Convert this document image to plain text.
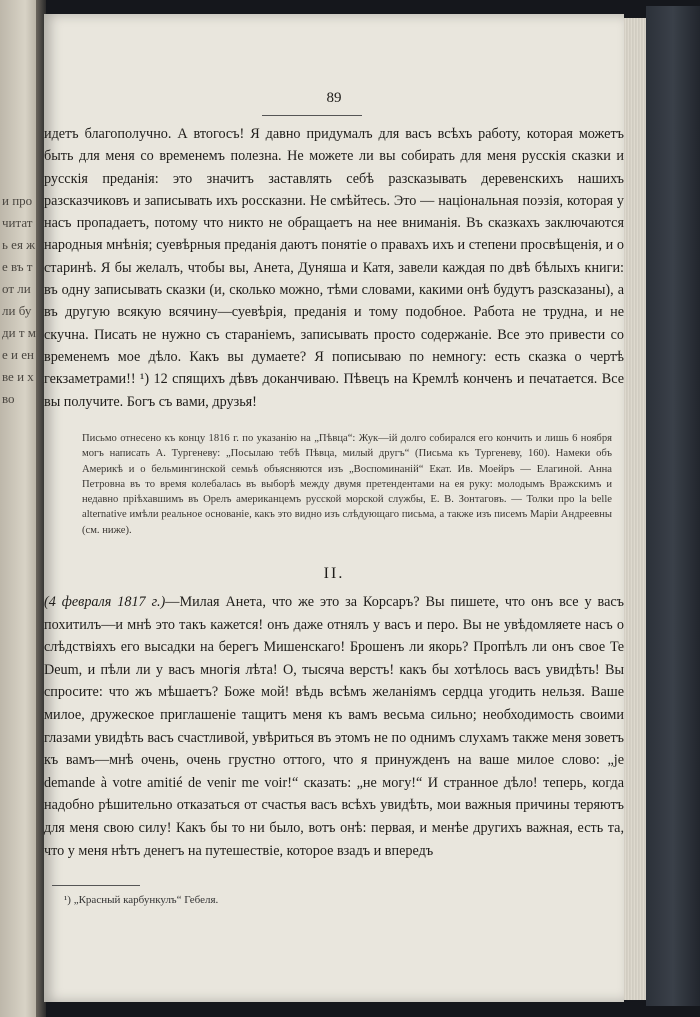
и прочитать ея же въ тот ли ли бу ди т ме и ен ве и х во
89

идетъ благополучно. А втогосъ! Я давно придумалъ для васъ всѣхъ работу, которая можетъ быть для меня со временемъ полезна. Не можете ли вы собирать для меня русскія сказки и русскія преданія: это значитъ заставлять себѣ разсказывать деревенскихъ нашихъ разсказчиковъ и записывать ихъ россказни. Не смѣйтесь. Это — національная поэзія, которая у насъ пропадаетъ, потому что никто не обращаетъ на нее вниманія. Въ сказкахъ заключаются народныя мнѣнія; суевѣрныя преданія даютъ понятіе о правахъ ихъ и степени просвѣщенія, и о старинѣ. Я бы желалъ, чтобы вы, Анета, Дуняша и Катя, завели каждая по двѣ бѣлыхъ книги: въ одну записывать сказки (и, сколько можно, тѣми словами, какими онѣ будутъ разсказаны), а въ другую всякую всячину—суевѣрія, преданія и тому подобное. Работа не трудна, и не скучна. Писать не нужно съ стараніемъ, записывать просто содержаніе. Все это привести со временемъ мое дѣло. Какъ вы думаете? Я пописываю по немногу: есть сказка о чертѣ гекзаметрами!! ¹) 12 спящихъ дѣвъ доканчиваю. Пѣвецъ на Кремлѣ конченъ и печатается. Все вы получите. Богъ съ вами, друзья!

Письмо отнесено къ концу 1816 г. по указанію на „Пѣвца“: Жук—ій долго собирался его кончить и лишь 6 ноября могъ написать А. Тургеневу: „Посылаю тебѣ Пѣвца, милый другъ“ (Письма къ Тургеневу, 160). Намеки объ Америкѣ и о бельмингинской семьѣ объясняются изъ „Воспоминаній“ Екат. Ив. Моейръ — Елагиной. Анна Петровна въ то время колебалась въ выборѣ между двумя претендентами на ея руку: молодымъ Вражскимъ и недавно пріѣхавшимъ въ Орелъ американцемъ русской морской службы, Е. В. Зонтаговъ. — Толки про la belle alternative имѣли реальное основаніе, какъ это видно изъ слѣдующаго письма, а также изъ писемъ Маріи Андреевны (см. ниже).

II.

(4 февраля 1817 г.)—Милая Анета, что же это за Корсаръ? Вы пишете, что онъ все у васъ похитилъ—и мнѣ это такъ кажется! онъ даже отнялъ у васъ и перо. Вы не увѣдомляете насъ о слѣдствіяхъ его высадки на берегъ Мишенскаго! Брошенъ ли якорь? Пропѣлъ ли онъ свое Te Deum, и пѣли ли у васъ многія лѣта! О, тысяча верстъ! какъ бы хотѣлось васъ увидѣть! Вы спросите: что жъ мѣшаетъ? Боже мой! вѣдь всѣмъ желаніямъ сердца угодить нельзя. Ваше милое, дружеское приглашеніе тащитъ меня къ вамъ весьма сильно; необходимость своими глазами увидѣть васъ счастливой, увѣриться въ этомъ не по однимъ слухамъ также меня зоветъ къ вамъ—мнѣ очень, очень грустно оттого, что я принужденъ на ваше милое слово: „je demande à votre amitié de venir me voir!“ сказать: „не могу!“ И странное дѣло! теперь, когда надобно рѣшительно отказаться от счастья васъ всѣхъ увидѣть, мои важныя причины теряютъ для меня свою силу! Какъ бы то ни было, вотъ онѣ: первая, и менѣе другихъ важная, есть та, что у меня нѣтъ денегъ на путешествіе, которое взадъ и впередъ

¹) „Красный карбункулъ“ Гебеля.
